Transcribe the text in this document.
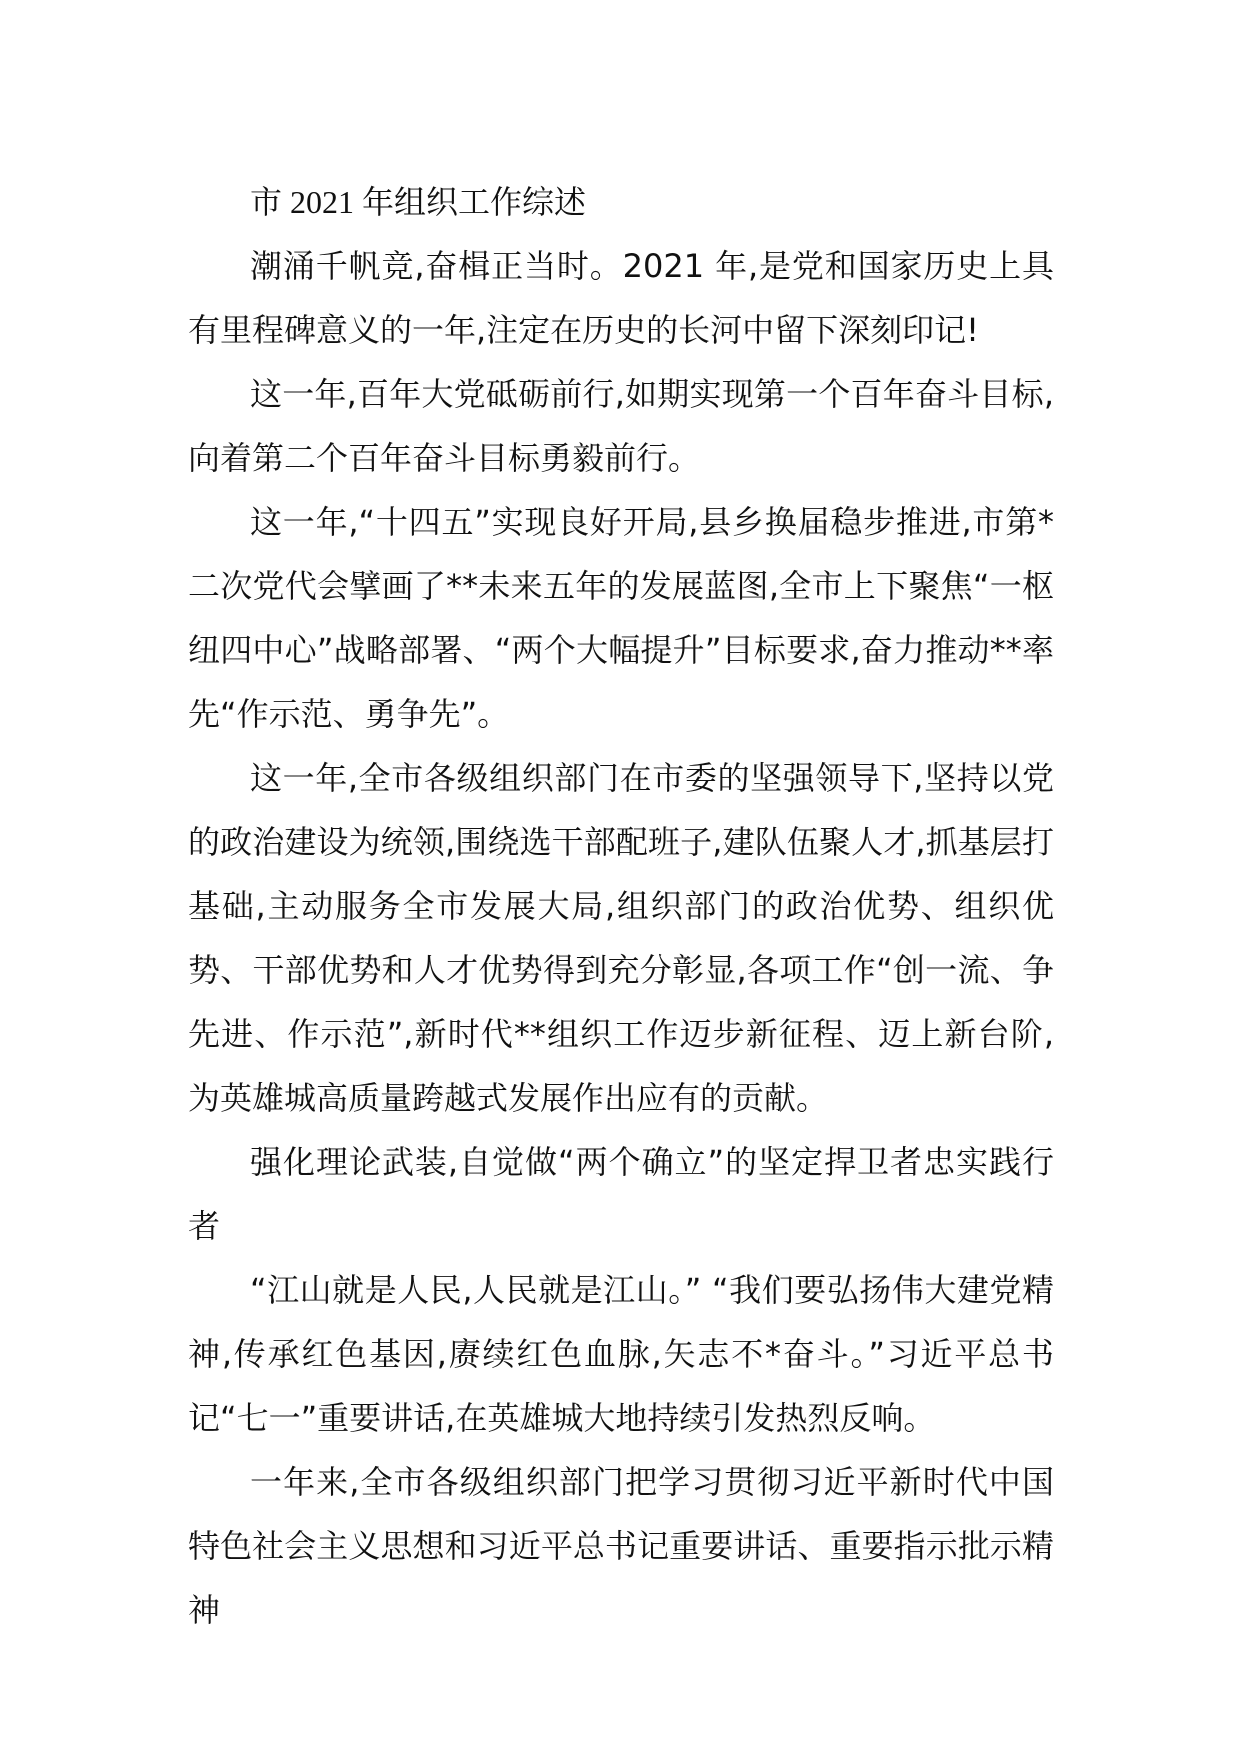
市 2021 年组织工作综述

潮涌千帆竞,奋楫正当时。2021 年,是党和国家历史上具有里程碑意义的一年,注定在历史的长河中留下深刻印记!

这一年,百年大党砥砺前行,如期实现第一个百年奋斗目标,向着第二个百年奋斗目标勇毅前行。

这一年,“十四五”实现良好开局,县乡换届稳步推进,市第*二次党代会擘画了**未来五年的发展蓝图,全市上下聚焦“一枢纽四中心”战略部署、“两个大幅提升”目标要求,奋力推动**率先“作示范、勇争先”。

这一年,全市各级组织部门在市委的坚强领导下,坚持以党的政治建设为统领,围绕选干部配班子,建队伍聚人才,抓基层打基础,主动服务全市发展大局,组织部门的政治优势、组织优势、干部优势和人才优势得到充分彰显,各项工作“创一流、争先进、作示范”,新时代**组织工作迈步新征程、迈上新台阶,为英雄城高质量跨越式发展作出应有的贡献。

强化理论武装,自觉做“两个确立”的坚定捍卫者忠实践行者

“江山就是人民,人民就是江山。” “我们要弘扬伟大建党精神,传承红色基因,赓续红色血脉,矢志不*奋斗。”习近平总书记“七一”重要讲话,在英雄城大地持续引发热烈反响。

一年来,全市各级组织部门把学习贯彻习近平新时代中国特色社会主义思想和习近平总书记重要讲话、重要指示批示精神
